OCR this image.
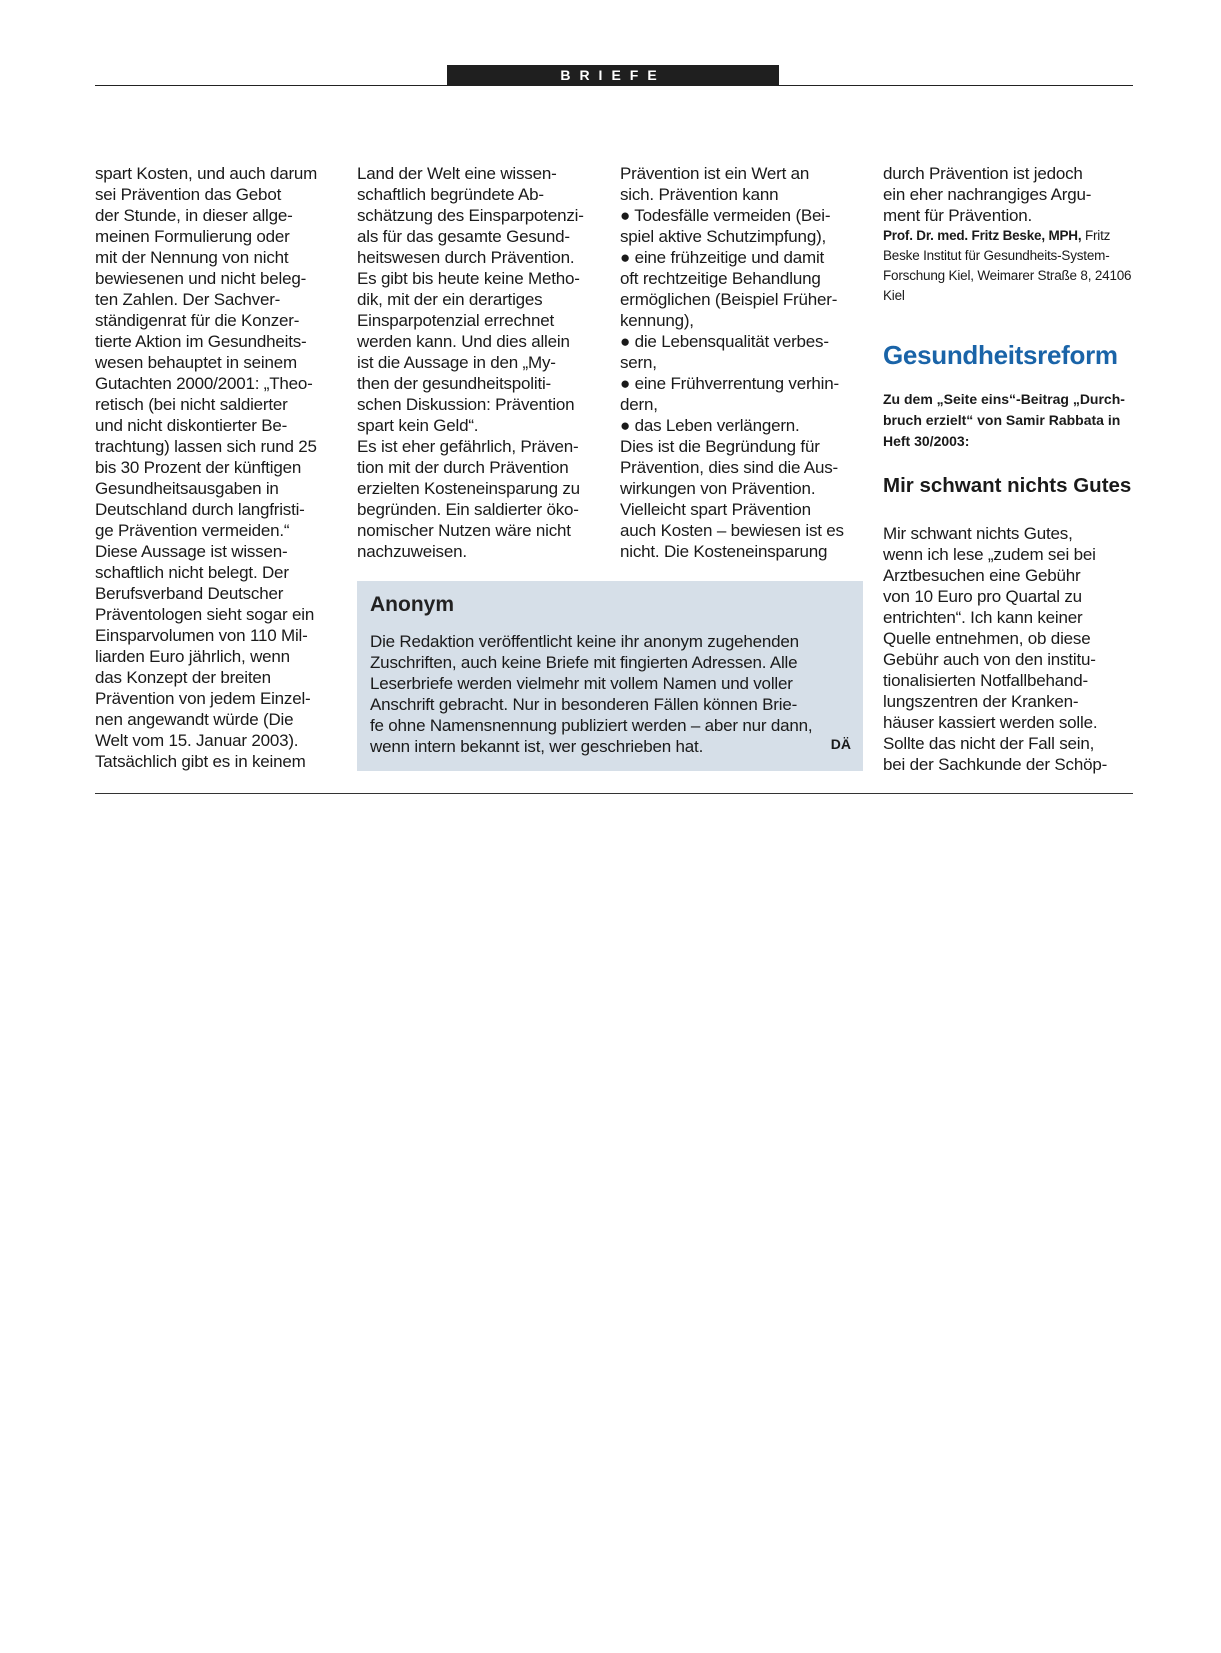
BRIEFE
spart Kosten, und auch darum
sei Prävention das Gebot
der Stunde, in dieser allge-
meinen Formulierung oder
mit der Nennung von nicht
bewiesenen und nicht beleg-
ten Zahlen. Der Sachver-
ständigenrat für die Konzer-
tierte Aktion im Gesundheits-
wesen behauptet in seinem
Gutachten 2000/2001: „Theo-
retisch (bei nicht saldierter
und nicht diskontierter Be-
trachtung) lassen sich rund 25
bis 30 Prozent der künftigen
Gesundheitsausgaben in
Deutschland durch langfristi-
ge Prävention vermeiden.“
Diese Aussage ist wissen-
schaftlich nicht belegt. Der
Berufsverband Deutscher
Präventologen sieht sogar ein
Einsparvolumen von 110 Mil-
liarden Euro jährlich, wenn
das Konzept der breiten
Prävention von jedem Einzel-
nen angewandt würde (Die
Welt vom 15. Januar 2003).
Tatsächlich gibt es in keinem
Land der Welt eine wissen-
schaftlich begründete Ab-
schätzung des Einsparpotenzi-
als für das gesamte Gesund-
heitswesen durch Prävention.
Es gibt bis heute keine Metho-
dik, mit der ein derartiges
Einsparpotenzial errechnet
werden kann. Und dies allein
ist die Aussage in den „My-
then der gesundheitspoliti-
schen Diskussion: Prävention
spart kein Geld“.
Es ist eher gefährlich, Präven-
tion mit der durch Prävention
erzielten Kosteneinsparung zu
begründen. Ein saldierter öko-
nomischer Nutzen wäre nicht
nachzuweisen.
Prävention ist ein Wert an
sich. Prävention kann
● Todesfälle vermeiden (Bei-
spiel aktive Schutzimpfung),
● eine frühzeitige und damit
oft rechtzeitige Behandlung
ermöglichen (Beispiel Früher-
kennung),
● die Lebensqualität verbes-
sern,
● eine Frühverrentung verhin-
dern,
● das Leben verlängern.
Dies ist die Begründung für
Prävention, dies sind die Aus-
wirkungen von Prävention.
Vielleicht spart Prävention
auch Kosten – bewiesen ist es
nicht. Die Kosteneinsparung
durch Prävention ist jedoch
ein eher nachrangiges Argu-
ment für Prävention.
Prof. Dr. med. Fritz Beske, MPH, Fritz
Beske Institut für Gesundheits-System-
Forschung Kiel, Weimarer Straße 8, 24106
Kiel
Anonym
Die Redaktion veröffentlicht keine ihr anonym zugehenden
Zuschriften, auch keine Briefe mit fingierten Adressen. Alle
Leserbriefe werden vielmehr mit vollem Namen und voller
Anschrift gebracht. Nur in besonderen Fällen können Brie-
fe ohne Namensnennung publiziert werden – aber nur dann,
wenn intern bekannt ist, wer geschrieben hat.	DÄ
Gesundheitsreform
Zu dem „Seite eins“-Beitrag „Durch-
bruch erzielt“ von Samir Rabbata in
Heft 30/2003:
Mir schwant nichts Gutes
Mir schwant nichts Gutes,
wenn ich lese „zudem sei bei
Arztbesuchen eine Gebühr
von 10 Euro pro Quartal zu
entrichten“. Ich kann keiner
Quelle entnehmen, ob diese
Gebühr auch von den institu-
tionalisierten Notfallbehand-
lungszentren der Kranken-
häuser kassiert werden solle.
Sollte das nicht der Fall sein,
bei der Sachkunde der Schöp-
